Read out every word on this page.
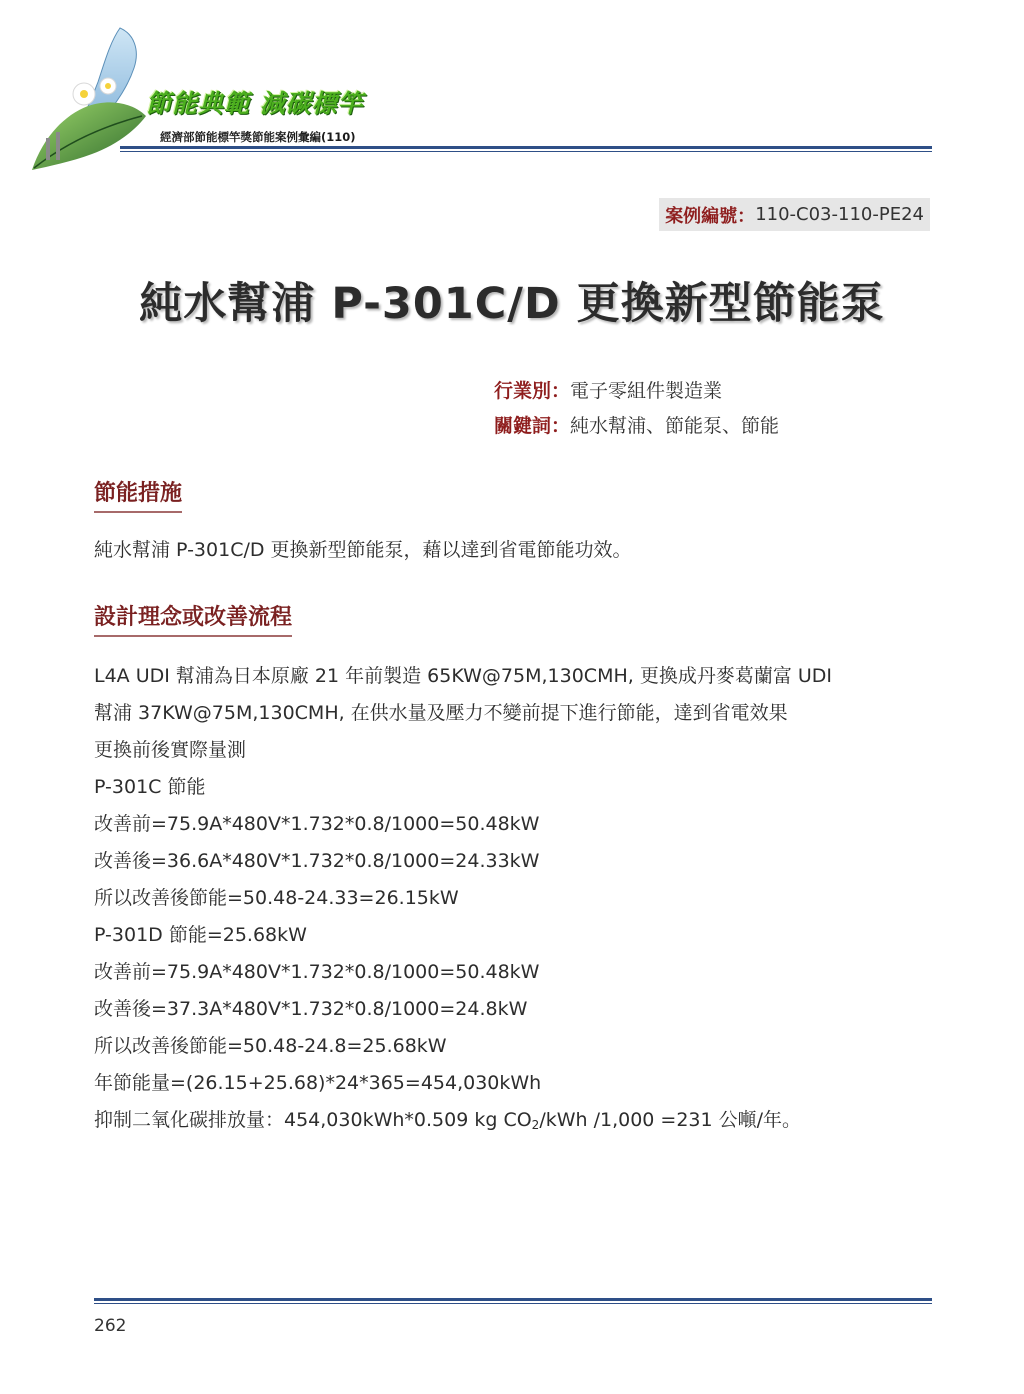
節能典範 減碳標竿
經濟部節能標竿獎節能案例彙編(110)
案例編號： 110-C03-110-PE24
純水幫浦 P-301C/D 更換新型節能泵
行業別：電子零組件製造業
關鍵詞：純水幫浦、節能泵、節能
節能措施
純水幫浦 P-301C/D 更換新型節能泵，藉以達到省電節能功效。
設計理念或改善流程
L4A UDI 幫浦為日本原廠 21 年前製造 65KW@75M,130CMH, 更換成丹麥葛蘭富 UDI
幫浦 37KW@75M,130CMH, 在供水量及壓力不變前提下進行節能，達到省電效果
更換前後實際量測
P-301C 節能
改善前=75.9A*480V*1.732*0.8/1000=50.48kW
改善後=36.6A*480V*1.732*0.8/1000=24.33kW
所以改善後節能=50.48-24.33=26.15kW
P-301D 節能=25.68kW
改善前=75.9A*480V*1.732*0.8/1000=50.48kW
改善後=37.3A*480V*1.732*0.8/1000=24.8kW
所以改善後節能=50.48-24.8=25.68kW
年節能量=(26.15+25.68)*24*365=454,030kWh
抑制二氧化碳排放量：454,030kWh*0.509 kg $CO_2$/kWh /1,000 =231 公噸/年。
262
